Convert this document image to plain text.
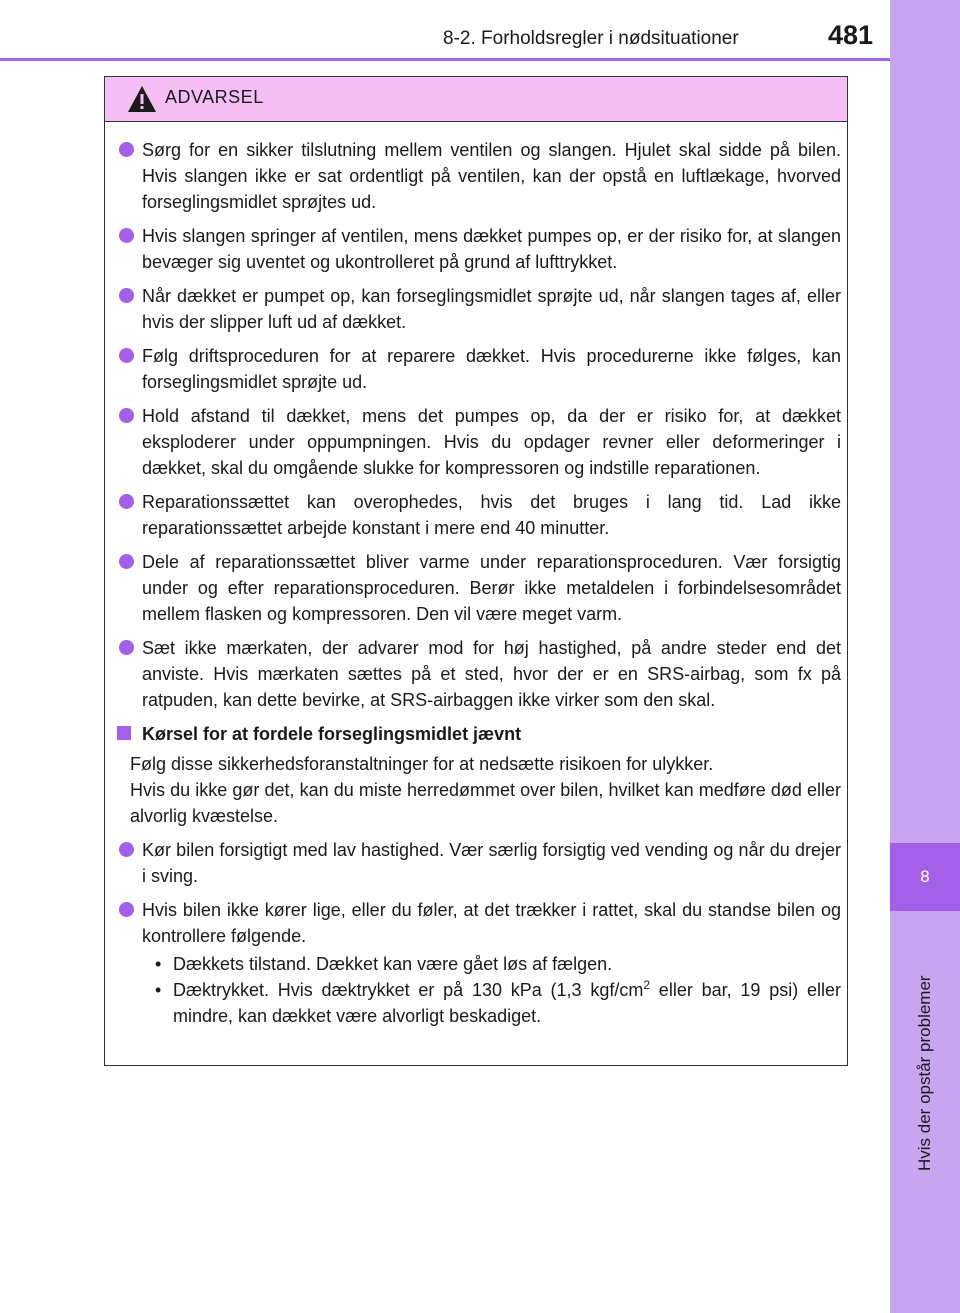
8-2. Forholdsregler i nødsituationer	481
8
Hvis der opstår problemer
ADVARSEL
Sørg for en sikker tilslutning mellem ventilen og slangen. Hjulet skal sidde på bilen. Hvis slangen ikke er sat ordentligt på ventilen, kan der opstå en luftlækage, hvorved forseglingsmidlet sprøjtes ud.
Hvis slangen springer af ventilen, mens dækket pumpes op, er der risiko for, at slangen bevæger sig uventet og ukontrolleret på grund af lufttrykket.
Når dækket er pumpet op, kan forseglingsmidlet sprøjte ud, når slangen tages af, eller hvis der slipper luft ud af dækket.
Følg driftsproceduren for at reparere dækket. Hvis procedurerne ikke følges, kan forseglingsmidlet sprøjte ud.
Hold afstand til dækket, mens det pumpes op, da der er risiko for, at dækket eksploderer under oppumpningen. Hvis du opdager revner eller deformeringer i dækket, skal du omgående slukke for kompressoren og indstille reparationen.
Reparationssættet kan overophedes, hvis det bruges i lang tid. Lad ikke reparationssættet arbejde konstant i mere end 40 minutter.
Dele af reparationssættet bliver varme under reparationsproceduren. Vær forsigtig under og efter reparationsproceduren. Berør ikke metaldelen i forbindelsesområdet mellem flasken og kompressoren. Den vil være meget varm.
Sæt ikke mærkaten, der advarer mod for høj hastighed, på andre steder end det anviste. Hvis mærkaten sættes på et sted, hvor der er en SRS-airbag, som fx på ratpuden, kan dette bevirke, at SRS-airbaggen ikke virker som den skal.
Kørsel for at fordele forseglingsmidlet jævnt

Følg disse sikkerhedsforanstaltninger for at nedsætte risikoen for ulykker.

Hvis du ikke gør det, kan du miste herredømmet over bilen, hvilket kan medføre død eller alvorlig kvæstelse.

Kør bilen forsigtigt med lav hastighed. Vær særlig forsigtig ved vending og når du drejer i sving.
Hvis bilen ikke kører lige, eller du føler, at det trækker i rattet, skal du standse bilen og kontrollere følgende.
• Dækkets tilstand. Dækket kan være gået løs af fælgen.
• Dæktrykket. Hvis dæktrykket er på 130 kPa (1,3 kgf/$cm^2$ eller bar, 19 psi) eller mindre, kan dækket være alvorligt beskadiget.
